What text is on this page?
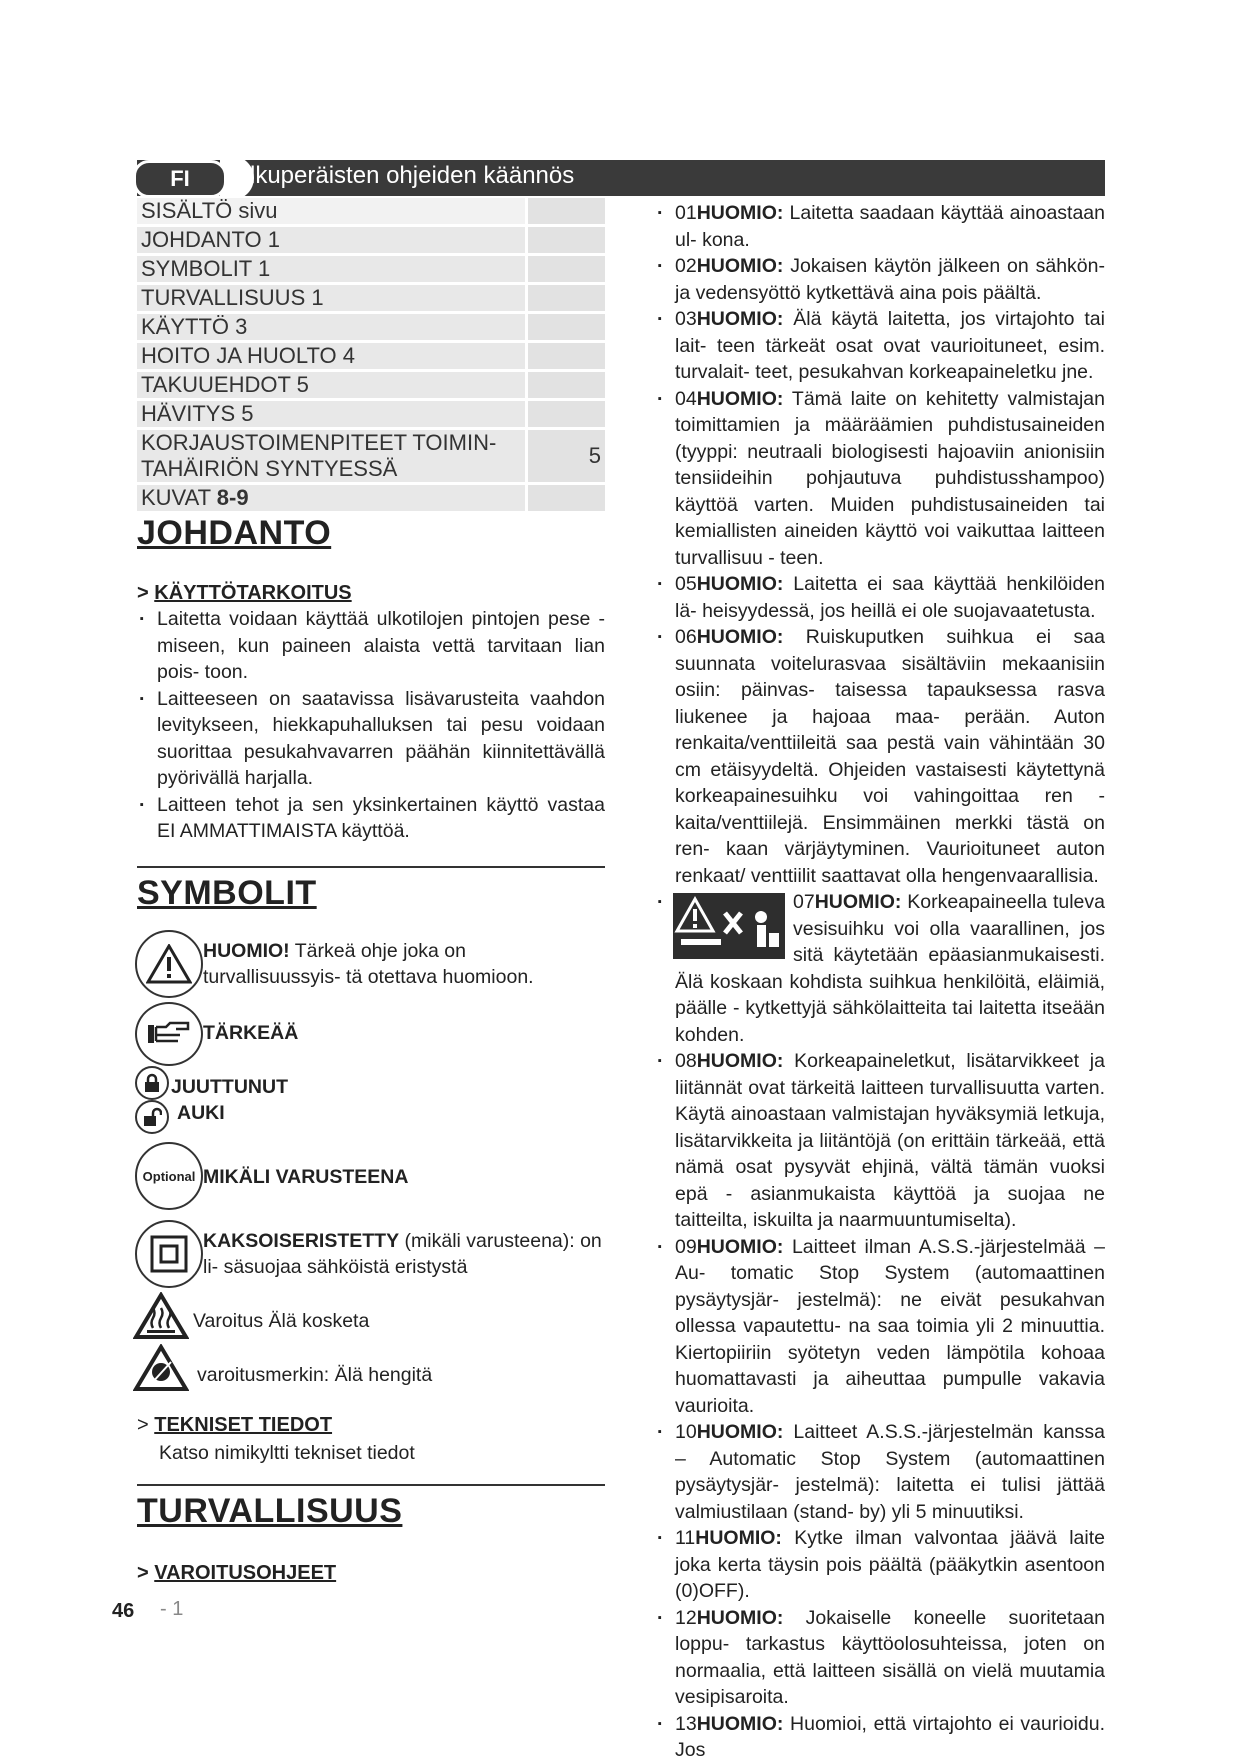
FI	lkuperäisten ohjeiden käännös
SISÄLTÖ sivu
JOHDANTO 1
SYMBOLIT 1
TURVALLISUUS 1
KÄYTTÖ 3
HOITO JA HUOLTO 4
TAKUUEHDOT 5
HÄVITYS 5
KORJAUSTOIMENPITEET TOIMIN-
TAHÄIRIÖN SYNTYESSÄ
5
KUVAT 8-9
JOHDANTO
> KÄYTTÖTARKOITUS
· Laitetta voidaan käyttää ulkotilojen pintojen pese - miseen, kun paineen alaista vettä tarvitaan lian pois- toon.
· Laitteeseen on saatavissa lisävarusteita vaahdon levitykseen, hiekkapuhalluksen tai pesu voidaan suorittaa pesukahvavarren päähän kiinnitettävällä pyörivällä harjalla.
· Laitteen tehot ja sen yksinkertainen käyttö vastaa EI AMMATTIMAISTA käyttöä.
SYMBOLIT
HUOMIO! Tärkeä ohje joka on turvallisuussyis- tä otettava huomioon.
TÄRKEÄÄ
JUUTTUNUT
AUKI
Optional MIKÄLI VARUSTEENA
KAKSOISERISTETTY (mikäli varusteena): on li- säsuojaa sähköistä eristystä
Varoitus Älä kosketa
varoitusmerkin: Älä hengitä
> TEKNISET TIEDOT
Katso nimikyltti tekniset tiedot
TURVALLISUUS
> VAROITUSOHJEET
46 - 1
· 01HUOMIO: Laitetta saadaan käyttää ainoastaan ul- kona.
· 02HUOMIO: Jokaisen käytön jälkeen on sähkön- ja vedensyöttö kytkettävä aina pois päältä.
· 03HUOMIO: Älä käytä laitetta, jos virtajohto tai lait- teen tärkeät osat ovat vaurioituneet, esim. turvalait- teet, pesukahvan korkeapaineletku jne.
· 04HUOMIO: Tämä laite on kehitetty valmistajan toimittamien ja määräämien puhdistusaineiden (tyyppi: neutraali biologisesti hajoaviin anionisiin tensiideihin pohjautuva puhdistusshampoo) käyttöä varten. Muiden puhdistusaineiden tai kemiallisten aineiden käyttö voi vaikuttaa laitteen turvallisuu - teen.
· 05HUOMIO: Laitetta ei saa käyttää henkilöiden lä- heisyydessä, jos heillä ei ole suojavaatetusta.
· 06HUOMIO: Ruiskuputken suihkua ei saa suunnata voitelurasvaa sisältäviin mekaanisiin osiin: päinvas- taisessa tapauksessa rasva liukenee ja hajoaa maa- perään. Auton renkaita/venttiileitä saa pestä vain vähintään 30 cm etäisyydeltä. Ohjeiden vastaisesti käytettynä korkeapainesuihku voi vahingoittaa ren - kaita/venttiilejä. Ensimmäinen merkki tästä on ren- kaan värjäytyminen. Vaurioituneet auton renkaat/ venttiilit saattavat olla hengenvaarallisia.
· 07HUOMIO: Korkeapaineella tuleva vesisuihku voi olla vaarallinen, jos sitä käytetään epäasianmukaisesti. Älä koskaan kohdista suihkua henkilöitä, eläimiä, päälle - kytkettyjä sähkölaitteita tai laitetta itseään kohden.
· 08HUOMIO: Korkeapaineletkut, lisätarvikkeet ja liitännät ovat tärkeitä laitteen turvallisuutta varten. Käytä ainoastaan valmistajan hyväksymiä letkuja, lisätarvikkeita ja liitäntöjä (on erittäin tärkeää, että nämä osat pysyvät ehjinä, vältä tämän vuoksi epä - asianmukaista käyttöä ja suojaa ne taitteilta, iskuilta ja naarmuuntumiselta).
· 09HUOMIO: Laitteet ilman A.S.S.-järjestelmää – Au- tomatic Stop System (automaattinen pysäytysjär- jestelmä): ne eivät pesukahvan ollessa vapautettu- na saa toimia yli 2 minuuttia. Kiertopiiriin syötetyn veden lämpötila kohoaa huomattavasti ja aiheuttaa pumpulle vakavia vaurioita.
· 10HUOMIO: Laitteet A.S.S.-järjestelmän kanssa – Automatic Stop System (automaattinen pysäytysjär- jestelmä): laitetta ei tulisi jättää valmiustilaan (stand- by) yli 5 minuutiksi.
· 11HUOMIO: Kytke ilman valvontaa jäävä laite joka kerta täysin pois päältä (pääkytkin asentoon (0)OFF).
· 12HUOMIO: Jokaiselle koneelle suoritetaan loppu- tarkastus käyttöolosuhteissa, joten on normaalia, että laitteen sisällä on vielä muutamia vesipisaroita.
· 13HUOMIO: Huomioi, että virtajohto ei vaurioidu. Jos
